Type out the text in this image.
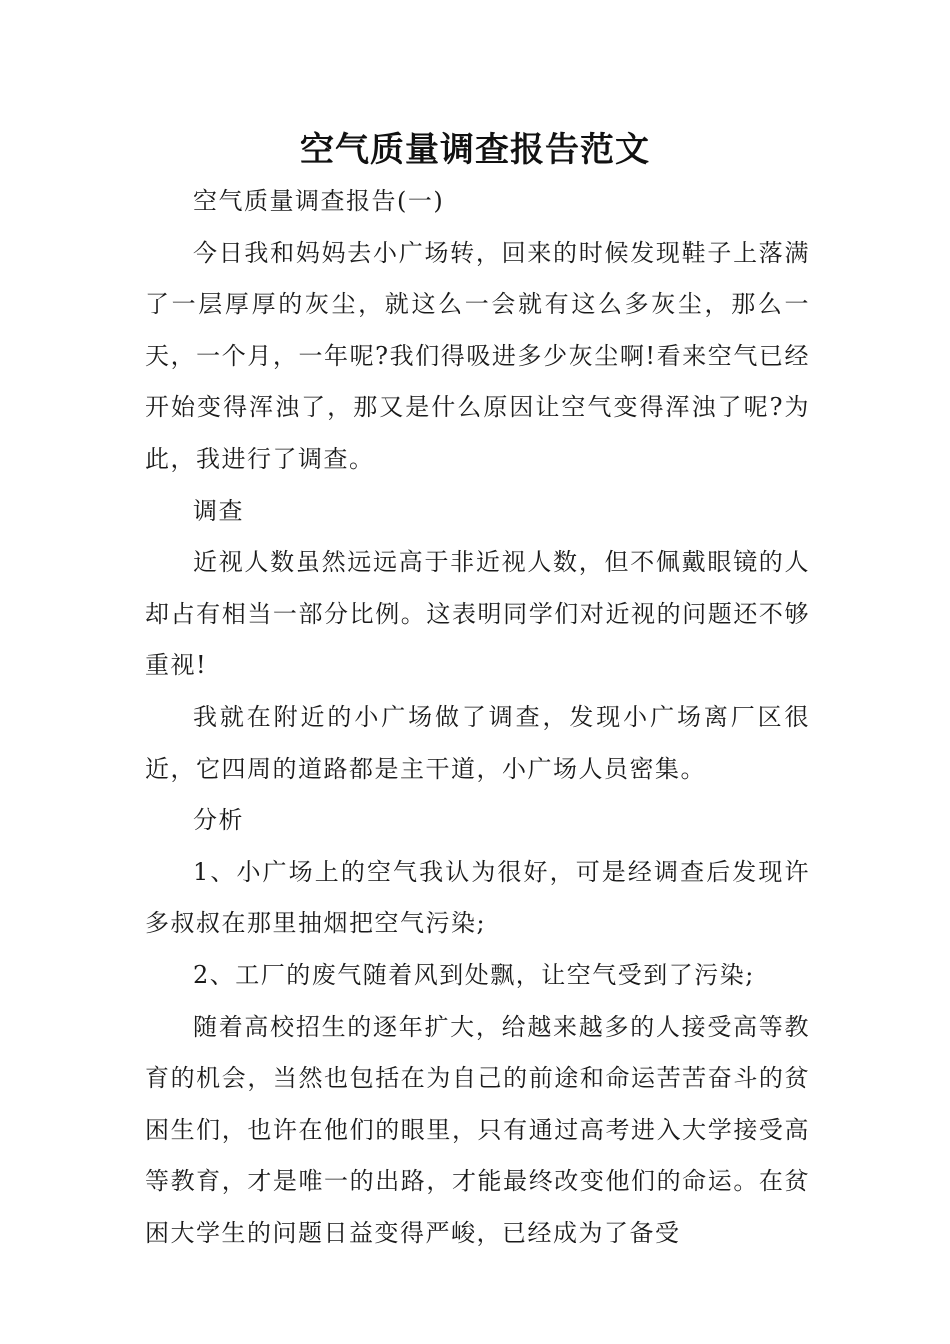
空气质量调查报告范文

空气质量调查报告(一)

今日我和妈妈去小广场转，回来的时候发现鞋子上落满了一层厚厚的灰尘，就这么一会就有这么多灰尘，那么一天，一个月，一年呢?我们得吸进多少灰尘啊!看来空气已经开始变得浑浊了，那又是什么原因让空气变得浑浊了呢?为此，我进行了调查。

调查

近视人数虽然远远高于非近视人数，但不佩戴眼镜的人却占有相当一部分比例。这表明同学们对近视的问题还不够重视!

我就在附近的小广场做了调查，发现小广场离厂区很近，它四周的道路都是主干道，小广场人员密集。

分析

1、小广场上的空气我认为很好，可是经调查后发现许多叔叔在那里抽烟把空气污染;

2、工厂的废气随着风到处飘，让空气受到了污染;

随着高校招生的逐年扩大，给越来越多的人接受高等教育的机会，当然也包括在为自己的前途和命运苦苦奋斗的贫困生们，也许在他们的眼里，只有通过高考进入大学接受高等教育，才是唯一的出路，才能最终改变他们的命运。在贫困大学生的问题日益变得严峻，已经成为了备受
